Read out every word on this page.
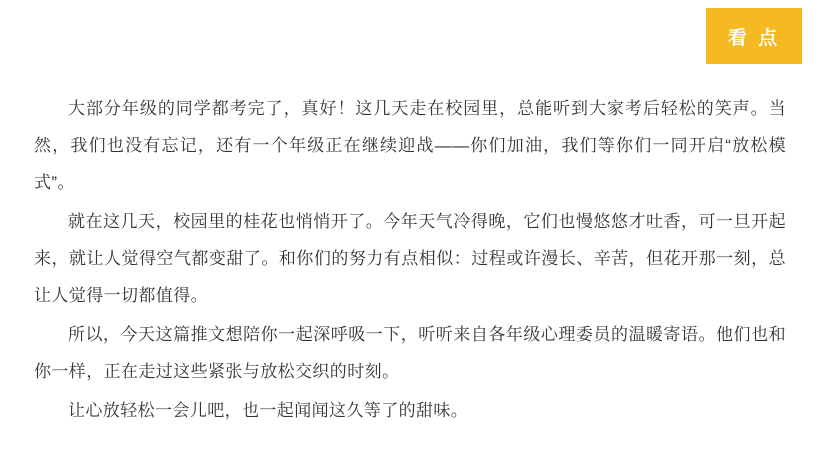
看 点

大部分年级的同学都考完了，真好！这几天走在校园里，总能听到大家考后轻松的笑声。当然，我们也没有忘记，还有一个年级正在继续迎战——你们加油，我们等你们一同开启“放松模式”。

就在这几天，校园里的桂花也悄悄开了。今年天气冷得晚，它们也慢悠悠才吐香，可一旦开起来，就让人觉得空气都变甜了。和你们的努力有点相似：过程或许漫长、辛苦，但花开那一刻，总让人觉得一切都值得。

所以，今天这篇推文想陪你一起深呼吸一下，听听来自各年级心理委员的温暖寄语。他们也和你一样，正在走过这些紧张与放松交织的时刻。

让心放轻松一会儿吧，也一起闻闻这久等了的甜味。
